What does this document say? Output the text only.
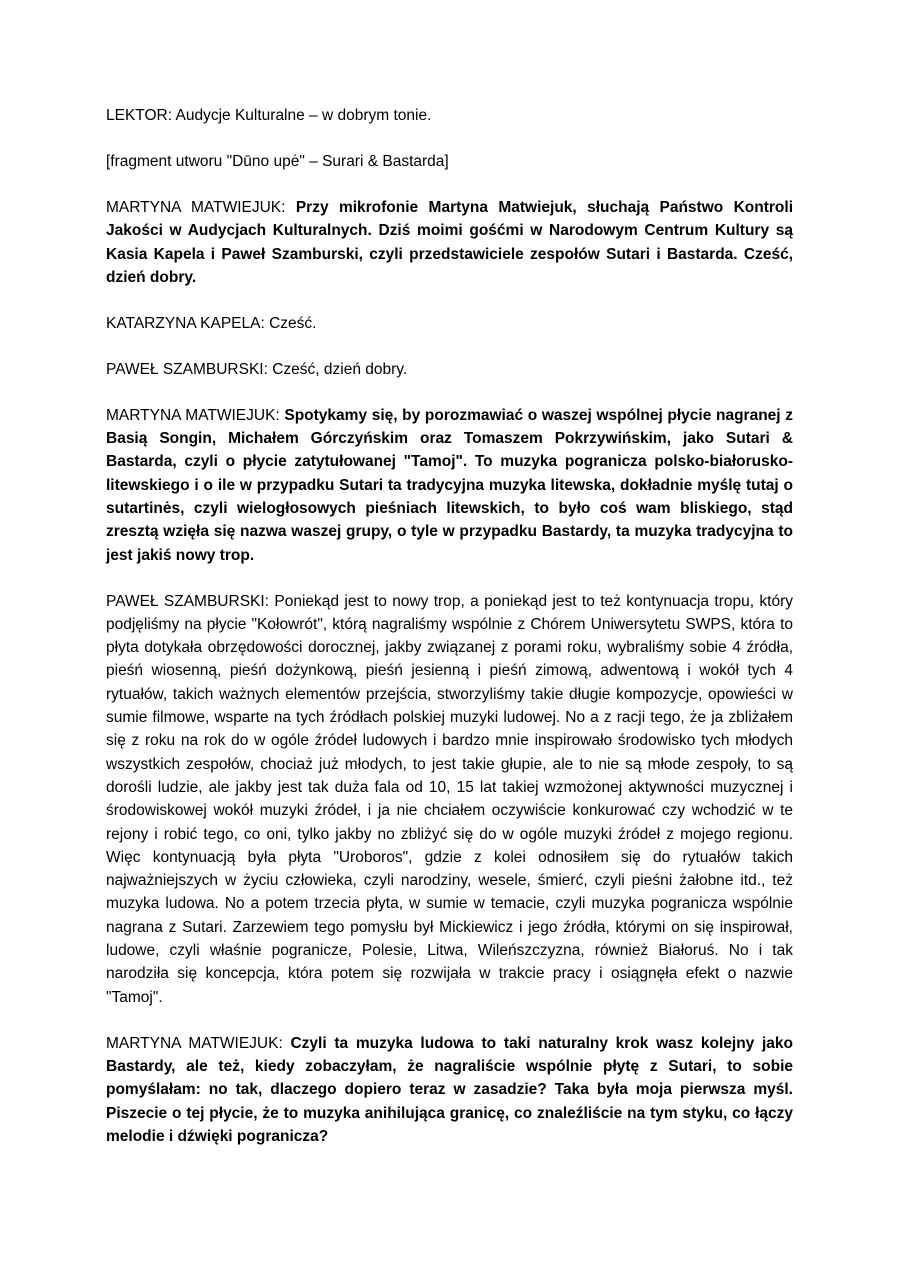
LEKTOR: Audycje Kulturalne – w dobrym tonie.

[fragment utworu "Dūno upė" – Surari & Bastarda]

MARTYNA MATWIEJUK: Przy mikrofonie Martyna Matwiejuk, słuchają Państwo Kontroli Jakości w Audycjach Kulturalnych. Dziś moimi gośćmi w Narodowym Centrum Kultury są Kasia Kapela i Paweł Szamburski, czyli przedstawiciele zespołów Sutari i Bastarda. Cześć, dzień dobry.

KATARZYNA KAPELA: Cześć.

PAWEŁ SZAMBURSKI: Cześć, dzień dobry.

MARTYNA MATWIEJUK: Spotykamy się, by porozmawiać o waszej wspólnej płycie nagranej z Basią Songin, Michałem Górczyńskim oraz Tomaszem Pokrzywińskim, jako Sutari & Bastarda, czyli o płycie zatytułowanej "Tamoj". To muzyka pogranicza polsko-białorusko-litewskiego i o ile w przypadku Sutari ta tradycyjna muzyka litewska, dokładnie myślę tutaj o sutartinės, czyli wielogłosowych pieśniach litewskich, to było coś wam bliskiego, stąd zresztą wzięła się nazwa waszej grupy, o tyle w przypadku Bastardy, ta muzyka tradycyjna to jest jakiś nowy trop.

PAWEŁ SZAMBURSKI: Poniekąd jest to nowy trop, a poniekąd jest to też kontynuacja tropu, który podjęliśmy na płycie "Kołowrót", którą nagraliśmy wspólnie z Chórem Uniwersytetu SWPS, która to płyta dotykała obrzędowości dorocznej, jakby związanej z porami roku, wybraliśmy sobie 4 źródła, pieśń wiosenną, pieśń dożynkową, pieśń jesienną i pieśń zimową, adwentową i wokół tych 4 rytuałów, takich ważnych elementów przejścia, stworzyliśmy takie długie kompozycje, opowieści w sumie filmowe, wsparte na tych źródłach polskiej muzyki ludowej. No a z racji tego, że ja zbliżałem się z roku na rok do w ogóle źródeł ludowych i bardzo mnie inspirowało środowisko tych młodych wszystkich zespołów, chociaż już młodych, to jest takie głupie, ale to nie są młode zespoły, to są dorośli ludzie, ale jakby jest tak duża fala od 10, 15 lat takiej wzmożonej aktywności muzycznej i środowiskowej wokół muzyki źródeł, i ja nie chciałem oczywiście konkurować czy wchodzić w te rejony i robić tego, co oni, tylko jakby no zbliżyć się do w ogóle muzyki źródeł z mojego regionu. Więc kontynuacją była płyta "Uroboros", gdzie z kolei odnosiłem się do rytuałów takich najważniejszych w życiu człowieka, czyli narodziny, wesele, śmierć, czyli pieśni żałobne itd., też muzyka ludowa. No a potem trzecia płyta, w sumie w temacie, czyli muzyka pogranicza wspólnie nagrana z Sutari. Zarzewiem tego pomysłu był Mickiewicz i jego źródła, którymi on się inspirował, ludowe, czyli właśnie pogranicze, Polesie, Litwa, Wileńszczyzna, również Białoruś. No i tak narodziła się koncepcja, która potem się rozwijała w trakcie pracy i osiągnęła efekt o nazwie "Tamoj".

MARTYNA MATWIEJUK: Czyli ta muzyka ludowa to taki naturalny krok wasz kolejny jako Bastardy, ale też, kiedy zobaczyłam, że nagraliście wspólnie płytę z Sutari, to sobie pomyślałam: no tak, dlaczego dopiero teraz w zasadzie? Taka była moja pierwsza myśl. Piszecie o tej płycie, że to muzyka anihilująca granicę, co znaleźliście na tym styku, co łączy melodie i dźwięki pogranicza?
